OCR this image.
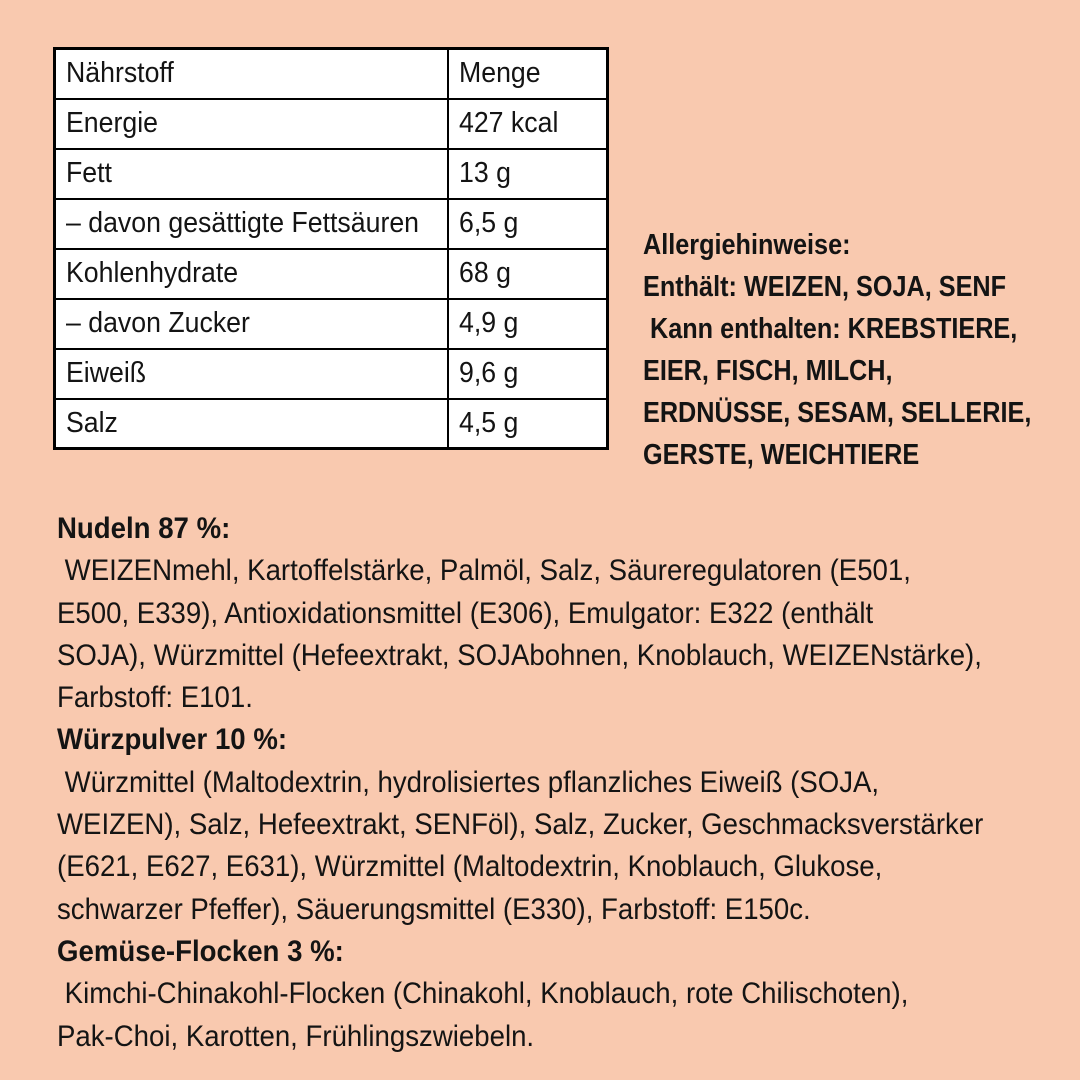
Nährstoff	Menge
Energie	427 kcal
Fett	13 g
– davon gesättigte Fettsäuren	6,5 g
Kohlenhydrate	68 g
– davon Zucker	4,9 g
Eiweiß	9,6 g
Salz	4,5 g
Allergiehinweise:
Enthält: WEIZEN, SOJA, SENF
Kann enthalten: KREBSTIERE,
EIER, FISCH, MILCH,
ERDNÜSSE, SESAM, SELLERIE,
GERSTE, WEICHTIERE
Nudeln 87 %:
WEIZENmehl, Kartoffelstärke, Palmöl, Salz, Säureregulatoren (E501,
E500, E339), Antioxidationsmittel (E306), Emulgator: E322 (enthält
SOJA), Würzmittel (Hefeextrakt, SOJAbohnen, Knoblauch, WEIZENstärke),
Farbstoff: E101.
Würzpulver 10 %:
Würzmittel (Maltodextrin, hydrolisiertes pflanzliches Eiweiß (SOJA,
WEIZEN), Salz, Hefeextrakt, SENFöl), Salz, Zucker, Geschmacksverstärker
(E621, E627, E631), Würzmittel (Maltodextrin, Knoblauch, Glukose,
schwarzer Pfeffer), Säuerungsmittel (E330), Farbstoff: E150c.
Gemüse-Flocken 3 %:
Kimchi-Chinakohl-Flocken (Chinakohl, Knoblauch, rote Chilischoten),
Pak-Choi, Karotten, Frühlingszwiebeln.
